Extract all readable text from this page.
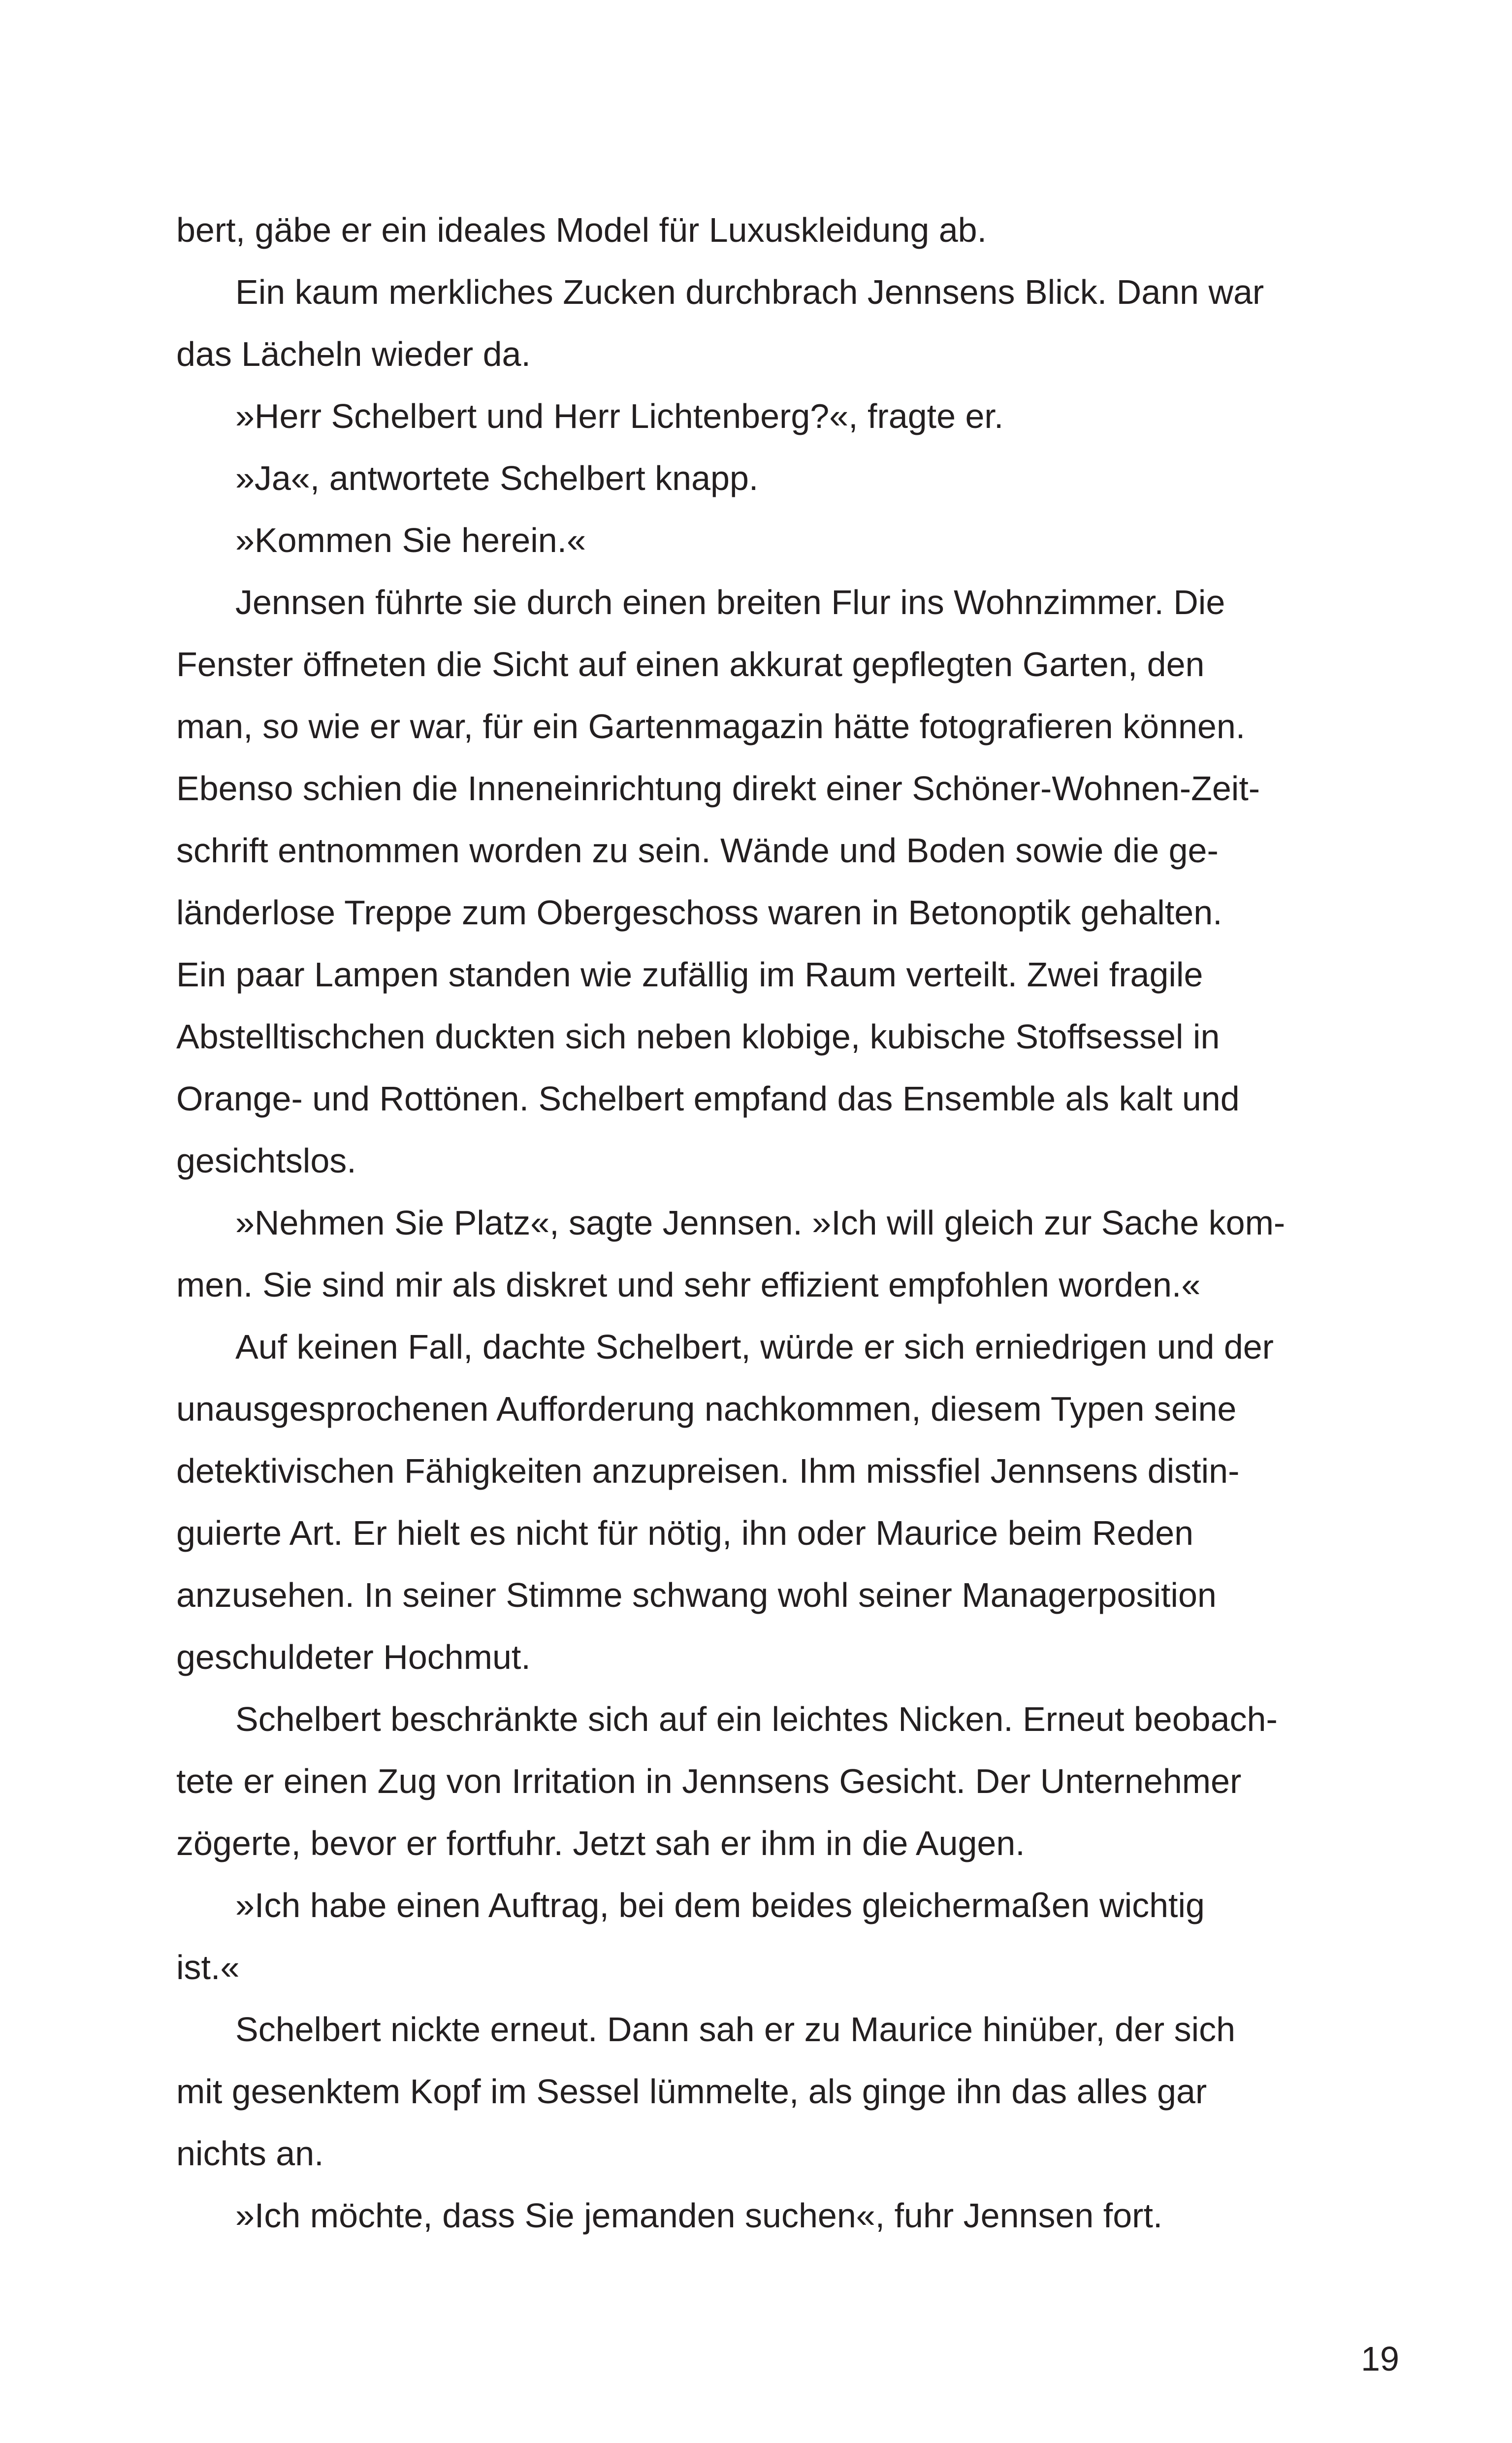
bert, gäbe er ein ideales Model für Luxuskleidung ab.
Ein kaum merkliches Zucken durchbrach Jennsens Blick. Dann war
das Lächeln wieder da.
»Herr Schelbert und Herr Lichtenberg?«, fragte er.
»Ja«, antwortete Schelbert knapp.
»Kommen Sie herein.«
Jennsen führte sie durch einen breiten Flur ins Wohnzimmer. Die
Fenster öffneten die Sicht auf einen akkurat gepflegten Garten, den
man, so wie er war, für ein Gartenmagazin hätte fotografieren können.
Ebenso schien die Inneneinrichtung direkt einer Schöner-Wohnen-Zeit-
schrift entnommen worden zu sein. Wände und Boden sowie die ge-
länderlose Treppe zum Obergeschoss waren in Betonoptik gehalten.
Ein paar Lampen standen wie zufällig im Raum verteilt. Zwei fragile
Abstelltischchen duckten sich neben klobige, kubische Stoffsessel in
Orange- und Rottönen. Schelbert empfand das Ensemble als kalt und
gesichtslos.
»Nehmen Sie Platz«, sagte Jennsen. »Ich will gleich zur Sache kom-
men. Sie sind mir als diskret und sehr effizient empfohlen worden.«
Auf keinen Fall, dachte Schelbert, würde er sich erniedrigen und der
unausgesprochenen Aufforderung nachkommen, diesem Typen seine
detektivischen Fähigkeiten anzupreisen. Ihm missfiel Jennsens distin-
guierte Art. Er hielt es nicht für nötig, ihn oder Maurice beim Reden
anzusehen. In seiner Stimme schwang wohl seiner Managerposition
geschuldeter Hochmut.
Schelbert beschränkte sich auf ein leichtes Nicken. Erneut beobach-
tete er einen Zug von Irritation in Jennsens Gesicht. Der Unternehmer
zögerte, bevor er fortfuhr. Jetzt sah er ihm in die Augen.
»Ich habe einen Auftrag, bei dem beides gleichermaßen wichtig
ist.«
Schelbert nickte erneut. Dann sah er zu Maurice hinüber, der sich
mit gesenktem Kopf im Sessel lümmelte, als ginge ihn das alles gar
nichts an.
»Ich möchte, dass Sie jemanden suchen«, fuhr Jennsen fort.
19
